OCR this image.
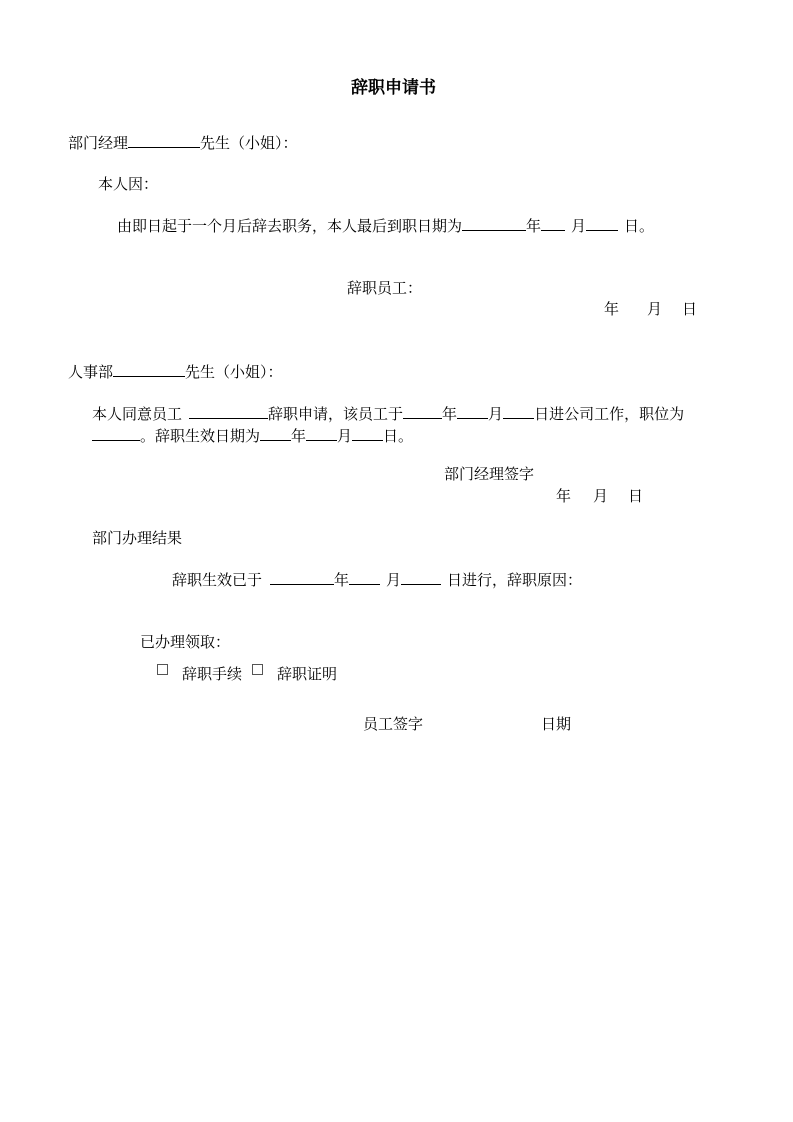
辞职申请书
部门经理	先生（小姐）：
本人因：
由即日起于一个月后辞去职务，本人最后到职日期为	年 月	日。
辞职员工：
年 月 日
人事部	先生（小姐）：
本人同意员工	辞职申请，该员工于	年 月 日进公司工作，职位为
。辞职生效日期为 年 月 日。
部门经理签字
年 月 日
部门办理结果
辞职生效已于	年 月	日进行，辞职原因：
已办理领取：
辞职手续 辞职证明
员工签字	日期
